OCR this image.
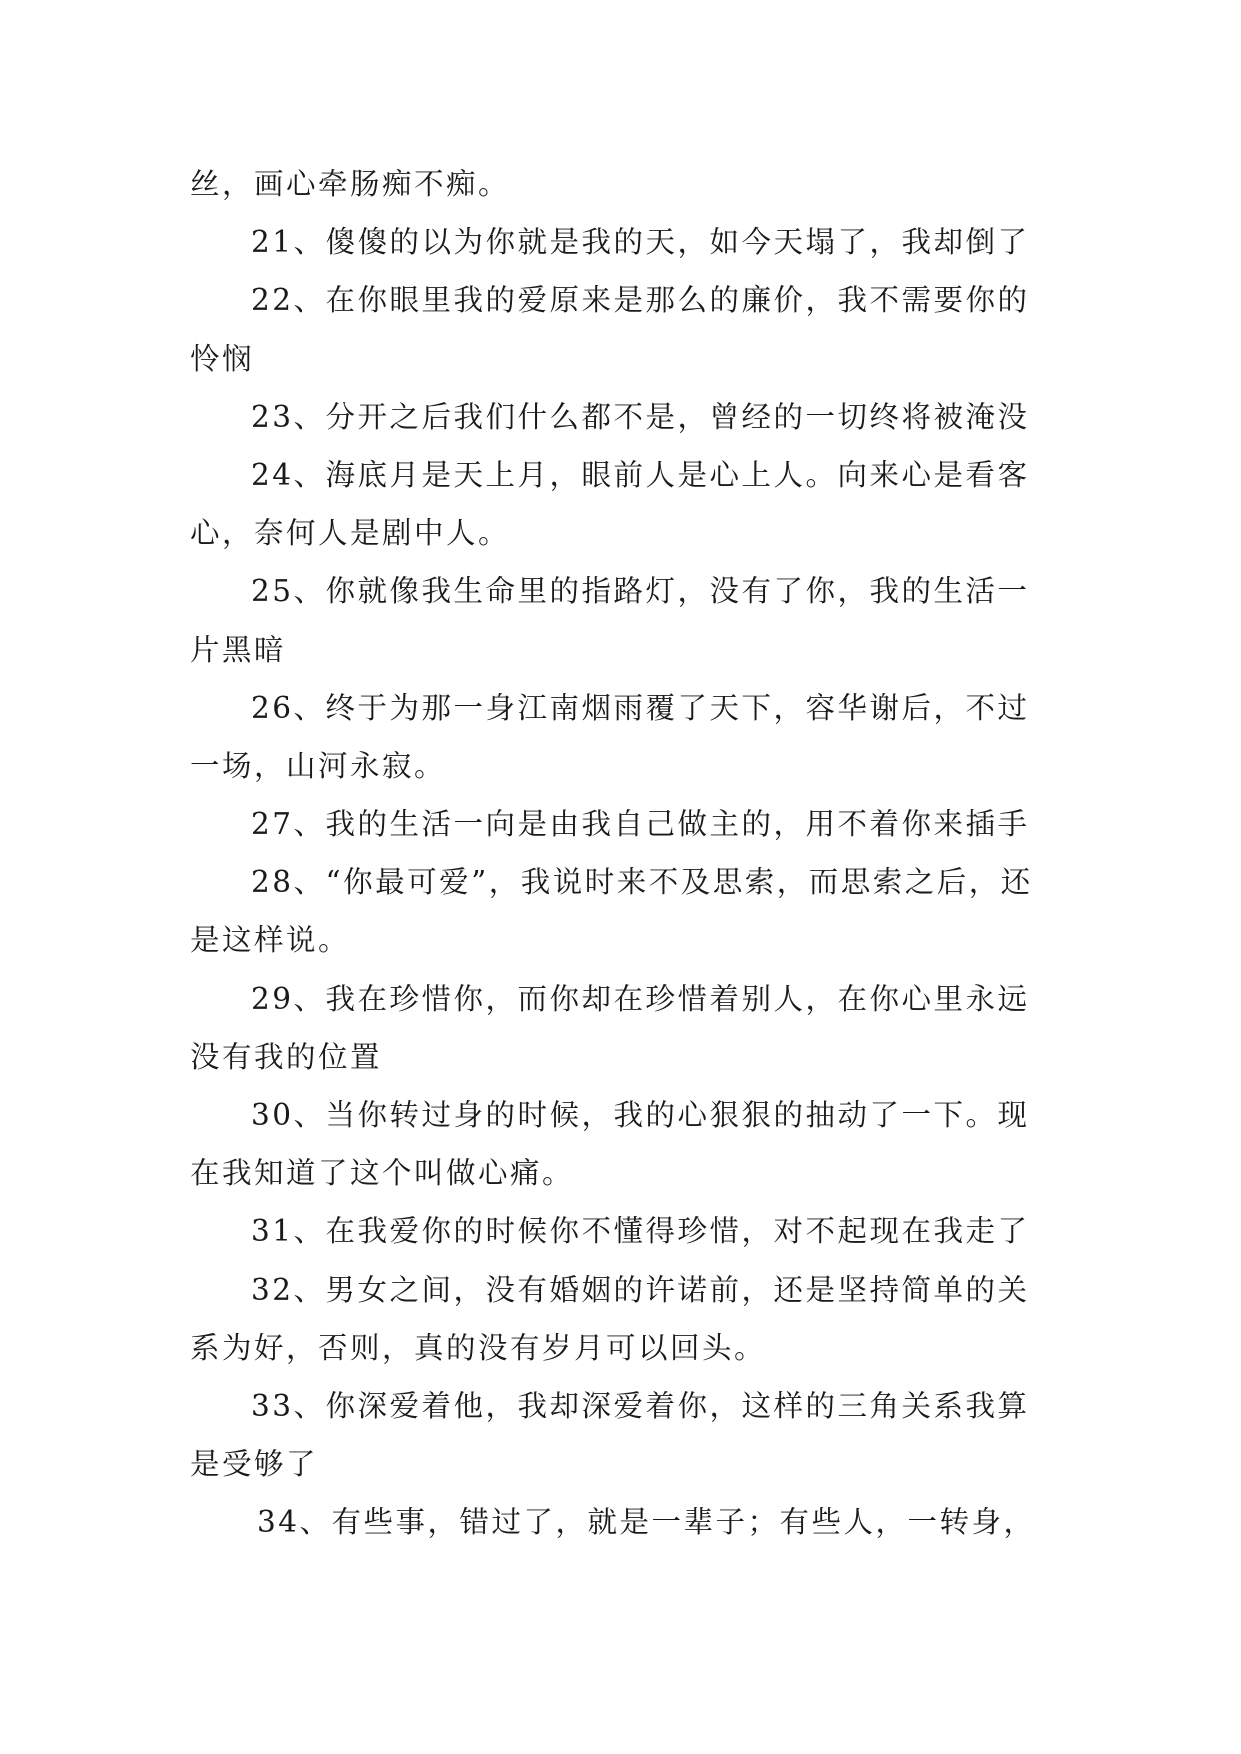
丝，画心牵肠痴不痴。
21、傻傻的以为你就是我的天，如今天塌了，我却倒了
22、在你眼里我的爱原来是那么的廉价，我不需要你的
怜悯
23、分开之后我们什么都不是，曾经的一切终将被淹没
24、海底月是天上月，眼前人是心上人。向来心是看客
心，奈何人是剧中人。
25、你就像我生命里的指路灯，没有了你，我的生活一
片黑暗
26、终于为那一身江南烟雨覆了天下，容华谢后，不过
一场，山河永寂。
27、我的生活一向是由我自己做主的，用不着你来插手
28、“你最可爱”，我说时来不及思索，而思索之后，还
是这样说。
29、我在珍惜你，而你却在珍惜着别人，在你心里永远
没有我的位置
30、当你转过身的时候，我的心狠狠的抽动了一下。现
在我知道了这个叫做心痛。
31、在我爱你的时候你不懂得珍惜，对不起现在我走了
32、男女之间，没有婚姻的许诺前，还是坚持简单的关
系为好，否则，真的没有岁月可以回头。
33、你深爱着他，我却深爱着你，这样的三角关系我算
是受够了
34、有些事，错过了，就是一辈子；有些人，一转身，
